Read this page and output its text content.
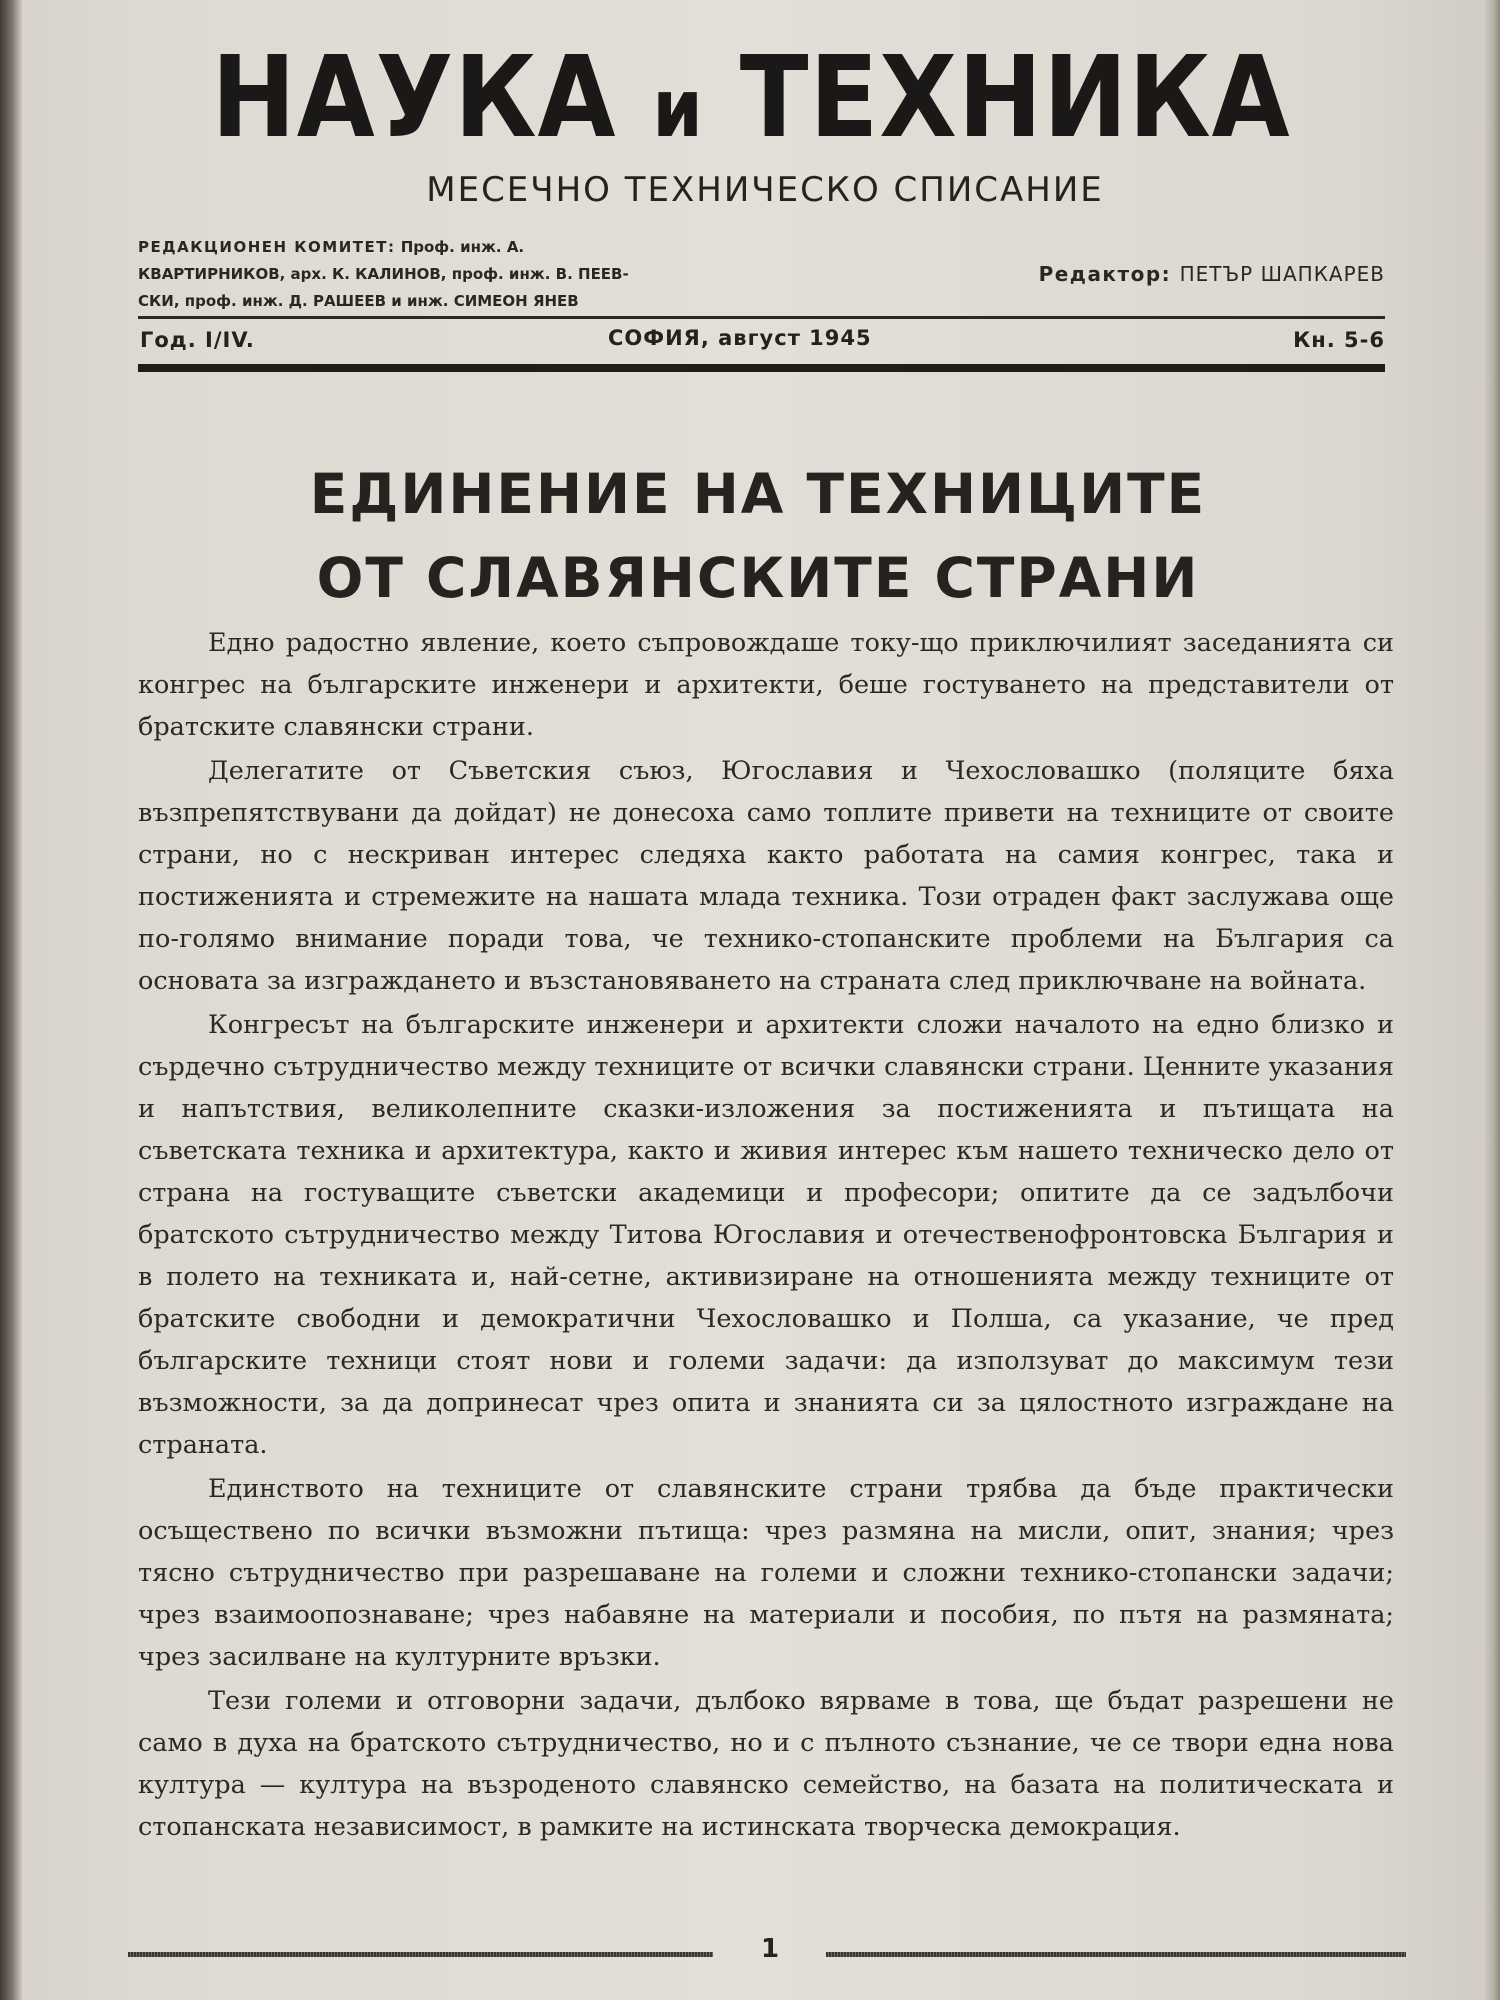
НАУКА и ТЕХНИКА
МЕСЕЧНО ТЕХНИЧЕСКО СПИСАНИЕ
РЕДАКЦИОНЕН КОМИТЕТ: Проф. инж. А.
КВАРТИРНИКОВ, арх. К. КАЛИНОВ, проф. инж. В. ПЕЕВ-
СКИ, проф. инж. Д. РАШЕЕВ и инж. СИМЕОН ЯНЕВ
Редактор: ПЕТЪР ШАПКАРЕВ
Год. I/IV.	СОФИЯ, август 1945	Кн. 5-6
ЕДИНЕНИЕ НА ТЕХНИЦИТЕ
ОТ СЛАВЯНСКИТЕ СТРАНИ

Едно радостно явление, което съпровождаше току-що приключилият заседанията си конгрес на българските инженери и архитекти, беше гостуването на представители от братските славянски страни.

Делегатите от Съветския съюз, Югославия и Чехословашко (поляците бяха възпрепятствувани да дойдат) не донесоха само топлите привети на техниците от своите страни, но с нескриван интерес следяха както работата на самия конгрес, така и постиженията и стремежите на нашата млада техника. Този отраден факт заслужава още по-голямо внимание поради това, че технико-стопанските проблеми на България са основата за изграждането и възстановяването на страната след приключване на войната.

Конгресът на българските инженери и архитекти сложи началото на едно близко и сърдечно сътрудничество между техниците от всички славянски страни. Ценните указания и напътствия, великолепните сказки-изложения за постиженията и пътищата на съветската техника и архитектура, както и живия интерес към нашето техническо дело от страна на гостуващите съветски академици и професори; опитите да се задълбочи братското сътрудничество между Титова Югославия и отечественофронтовска България и в полето на техниката и, най-сетне, активизиране на отношенията между техниците от братските свободни и демократични Чехословашко и Полша, са указание, че пред българските техници стоят нови и големи задачи: да използуват до максимум тези възможности, за да допринесат чрез опита и знанията си за цялостното изграждане на страната.

Единството на техниците от славянските страни трябва да бъде практически осъществено по всички възможни пътища: чрез размяна на мисли, опит, знания; чрез тясно сътрудничество при разрешаване на големи и сложни технико-стопански задачи; чрез взаимоопознаване; чрез набавяне на материали и пособия, по пътя на размяната; чрез засилване на културните връзки.

Тези големи и отговорни задачи, дълбоко вярваме в това, ще бъдат разрешени не само в духа на братското сътрудничество, но и с пълното съзнание, че се твори една нова култура — култура на възроденото славянско семейство, на базата на политическата и стопанската независимост, в рамките на истинската творческа демокрация.

1
